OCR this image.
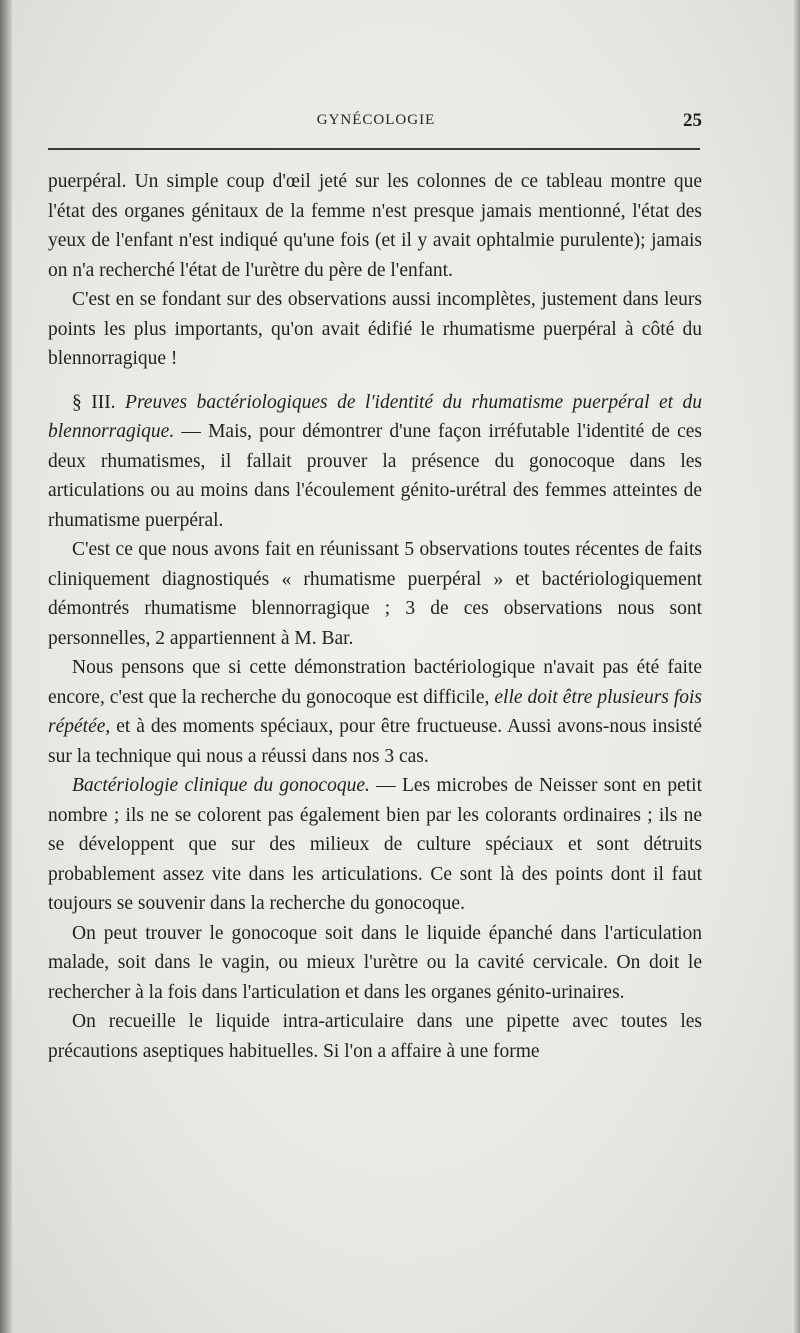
GYNÉCOLOGIE	25

puerpéral. Un simple coup d'œil jeté sur les colonnes de ce tableau montre que l'état des organes génitaux de la femme n'est presque jamais mentionné, l'état des yeux de l'enfant n'est indiqué qu'une fois (et il y avait ophtalmie purulente); jamais on n'a recherché l'état de l'urètre du père de l'enfant.

C'est en se fondant sur des observations aussi incomplètes, justement dans leurs points les plus importants, qu'on avait édifié le rhumatisme puerpéral à côté du blennorragique !

§ III. Preuves bactériologiques de l'identité du rhumatisme puerpéral et du blennorragique. — Mais, pour démontrer d'une façon irréfutable l'identité de ces deux rhumatismes, il fallait prouver la présence du gonocoque dans les articulations ou au moins dans l'écoulement génito-urétral des femmes atteintes de rhumatisme puerpéral.

C'est ce que nous avons fait en réunissant 5 observations toutes récentes de faits cliniquement diagnostiqués « rhumatisme puerpéral » et bactériologiquement démontrés rhumatisme blennorragique ; 3 de ces observations nous sont personnelles, 2 appartiennent à M. Bar.

Nous pensons que si cette démonstration bactériologique n'avait pas été faite encore, c'est que la recherche du gonocoque est difficile, elle doit être plusieurs fois répétée, et à des moments spéciaux, pour être fructueuse. Aussi avons-nous insisté sur la technique qui nous a réussi dans nos 3 cas.

Bactériologie clinique du gonocoque. — Les microbes de Neisser sont en petit nombre ; ils ne se colorent pas également bien par les colorants ordinaires ; ils ne se développent que sur des milieux de culture spéciaux et sont détruits probablement assez vite dans les articulations. Ce sont là des points dont il faut toujours se souvenir dans la recherche du gonocoque.

On peut trouver le gonocoque soit dans le liquide épanché dans l'articulation malade, soit dans le vagin, ou mieux l'urètre ou la cavité cervicale. On doit le rechercher à la fois dans l'articulation et dans les organes génito-urinaires.

On recueille le liquide intra-articulaire dans une pipette avec toutes les précautions aseptiques habituelles. Si l'on a affaire à une forme
